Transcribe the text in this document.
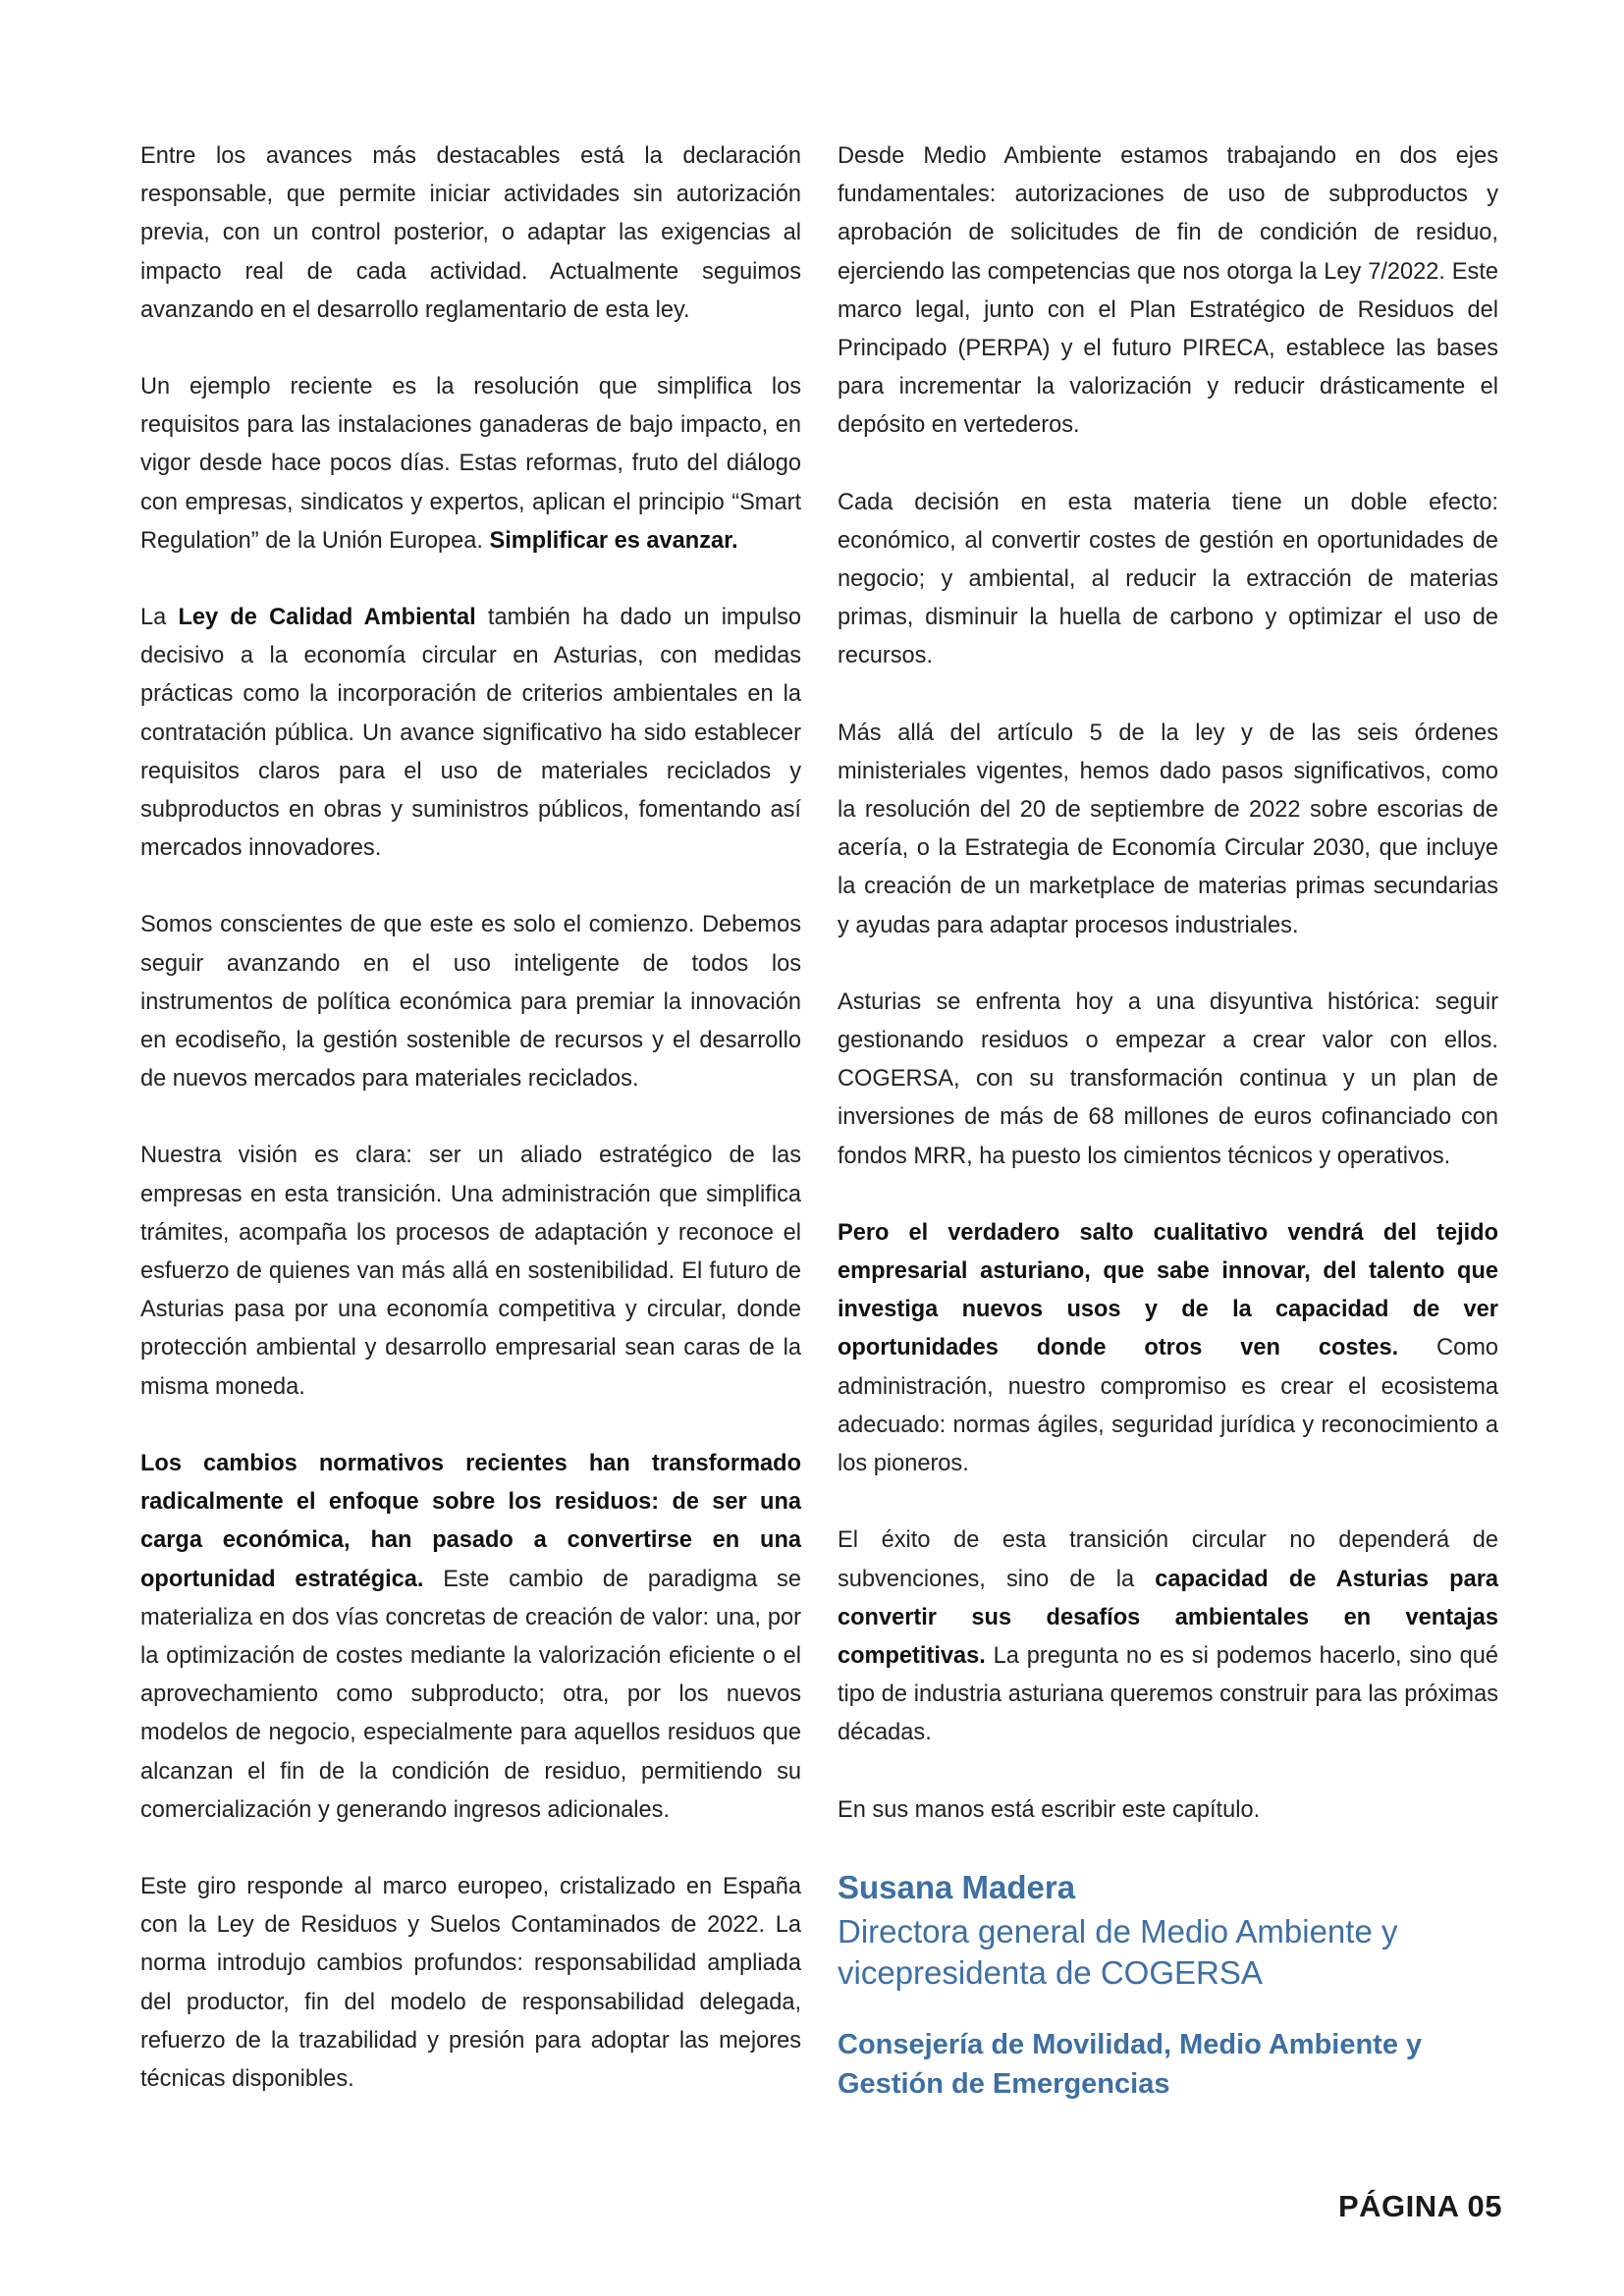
Entre los avances más destacables está la declaración responsable, que permite iniciar actividades sin autorización previa, con un control posterior, o adaptar las exigencias al impacto real de cada actividad. Actualmente seguimos avanzando en el desarrollo reglamentario de esta ley.

Un ejemplo reciente es la resolución que simplifica los requisitos para las instalaciones ganaderas de bajo impacto, en vigor desde hace pocos días. Estas reformas, fruto del diálogo con empresas, sindicatos y expertos, aplican el principio “Smart Regulation” de la Unión Europea. Simplificar es avanzar.

La Ley de Calidad Ambiental también ha dado un impulso decisivo a la economía circular en Asturias, con medidas prácticas como la incorporación de criterios ambientales en la contratación pública. Un avance significativo ha sido establecer requisitos claros para el uso de materiales reciclados y subproductos en obras y suministros públicos, fomentando así mercados innovadores.

Somos conscientes de que este es solo el comienzo. Debemos seguir avanzando en el uso inteligente de todos los instrumentos de política económica para premiar la innovación en ecodiseño, la gestión sostenible de recursos y el desarrollo de nuevos mercados para materiales reciclados.

Nuestra visión es clara: ser un aliado estratégico de las empresas en esta transición. Una administración que simplifica trámites, acompaña los procesos de adaptación y reconoce el esfuerzo de quienes van más allá en sostenibilidad. El futuro de Asturias pasa por una economía competitiva y circular, donde protección ambiental y desarrollo empresarial sean caras de la misma moneda.

Los cambios normativos recientes han transformado radicalmente el enfoque sobre los residuos: de ser una carga económica, han pasado a convertirse en una oportunidad estratégica. Este cambio de paradigma se materializa en dos vías concretas de creación de valor: una, por la optimización de costes mediante la valorización eficiente o el aprovechamiento como subproducto; otra, por los nuevos modelos de negocio, especialmente para aquellos residuos que alcanzan el fin de la condición de residuo, permitiendo su comercialización y generando ingresos adicionales.

Este giro responde al marco europeo, cristalizado en España con la Ley de Residuos y Suelos Contaminados de 2022. La norma introdujo cambios profundos: responsabilidad ampliada del productor, fin del modelo de responsabilidad delegada, refuerzo de la trazabilidad y presión para adoptar las mejores técnicas disponibles.

Desde Medio Ambiente estamos trabajando en dos ejes fundamentales: autorizaciones de uso de subproductos y aprobación de solicitudes de fin de condición de residuo, ejerciendo las competencias que nos otorga la Ley 7/2022. Este marco legal, junto con el Plan Estratégico de Residuos del Principado (PERPA) y el futuro PIRECA, establece las bases para incrementar la valorización y reducir drásticamente el depósito en vertederos.

Cada decisión en esta materia tiene un doble efecto: económico, al convertir costes de gestión en oportunidades de negocio; y ambiental, al reducir la extracción de materias primas, disminuir la huella de carbono y optimizar el uso de recursos.

Más allá del artículo 5 de la ley y de las seis órdenes ministeriales vigentes, hemos dado pasos significativos, como la resolución del 20 de septiembre de 2022 sobre escorias de acería, o la Estrategia de Economía Circular 2030, que incluye la creación de un marketplace de materias primas secundarias y ayudas para adaptar procesos industriales.

Asturias se enfrenta hoy a una disyuntiva histórica: seguir gestionando residuos o empezar a crear valor con ellos. COGERSA, con su transformación continua y un plan de inversiones de más de 68 millones de euros cofinanciado con fondos MRR, ha puesto los cimientos técnicos y operativos.

Pero el verdadero salto cualitativo vendrá del tejido empresarial asturiano, que sabe innovar, del talento que investiga nuevos usos y de la capacidad de ver oportunidades donde otros ven costes. Como administración, nuestro compromiso es crear el ecosistema adecuado: normas ágiles, seguridad jurídica y reconocimiento a los pioneros.

El éxito de esta transición circular no dependerá de subvenciones, sino de la capacidad de Asturias para convertir sus desafíos ambientales en ventajas competitivas. La pregunta no es si podemos hacerlo, sino qué tipo de industria asturiana queremos construir para las próximas décadas.

En sus manos está escribir este capítulo.

Susana Madera

Directora general de Medio Ambiente y vicepresidenta de COGERSA

Consejería de Movilidad, Medio Ambiente y Gestión de Emergencias

PÁGINA 05
